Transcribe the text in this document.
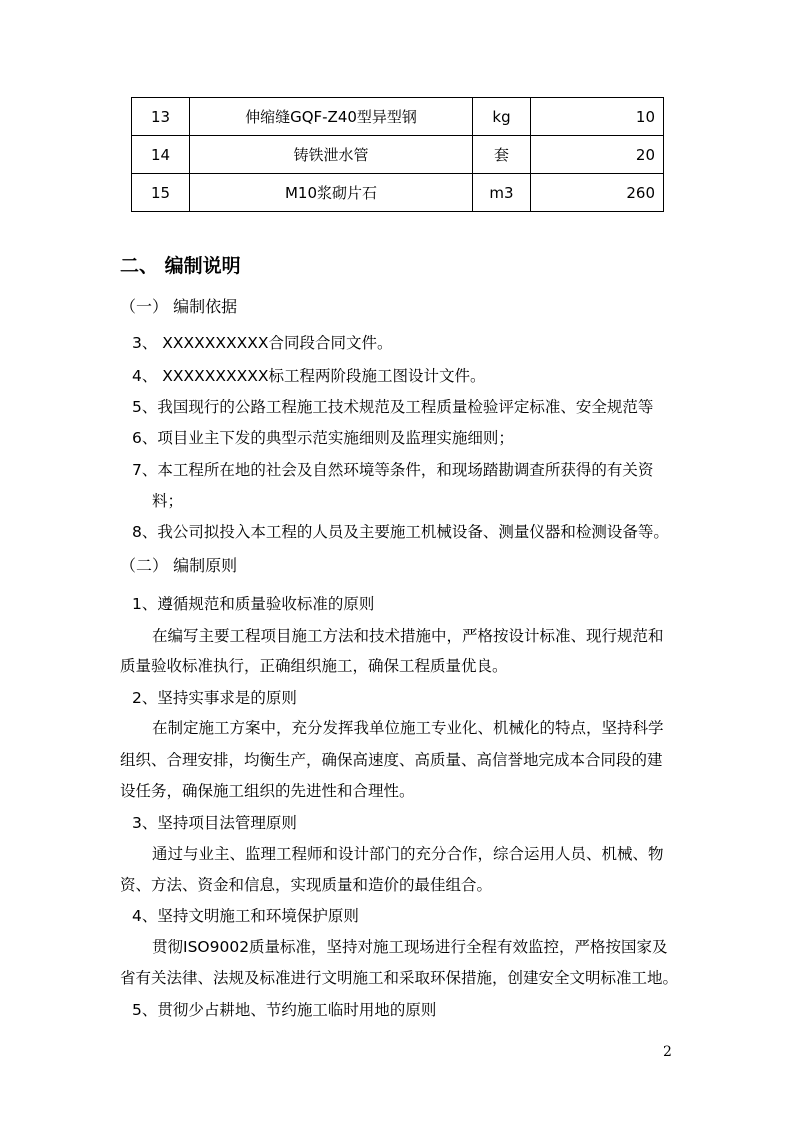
13	伸缩缝GQF-Z40型异型钢	kg	10
14	铸铁泄水管	套	20
15	M10浆砌片石	m3	260
二、 编制说明
（一） 编制依据
3、 XXXXXXXXXX合同段合同文件。
4、 XXXXXXXXXX标工程两阶段施工图设计文件。
5、我国现行的公路工程施工技术规范及工程质量检验评定标准、安全规范等
6、项目业主下发的典型示范实施细则及监理实施细则；
7、本工程所在地的社会及自然环境等条件，和现场踏勘调查所获得的有关资
料；
8、我公司拟投入本工程的人员及主要施工机械设备、测量仪器和检测设备等。
（二） 编制原则
1、遵循规范和质量验收标准的原则
在编写主要工程项目施工方法和技术措施中，严格按设计标准、现行规范和
质量验收标准执行，正确组织施工，确保工程质量优良。
2、坚持实事求是的原则
在制定施工方案中，充分发挥我单位施工专业化、机械化的特点，坚持科学
组织、合理安排，均衡生产，确保高速度、高质量、高信誉地完成本合同段的建
设任务，确保施工组织的先进性和合理性。
3、坚持项目法管理原则
通过与业主、监理工程师和设计部门的充分合作，综合运用人员、机械、物
资、方法、资金和信息，实现质量和造价的最佳组合。
4、坚持文明施工和环境保护原则
贯彻ISO9002质量标准，坚持对施工现场进行全程有效监控，严格按国家及
省有关法律、法规及标准进行文明施工和采取环保措施，创建安全文明标准工地。
5、贯彻少占耕地、节约施工临时用地的原则
2
